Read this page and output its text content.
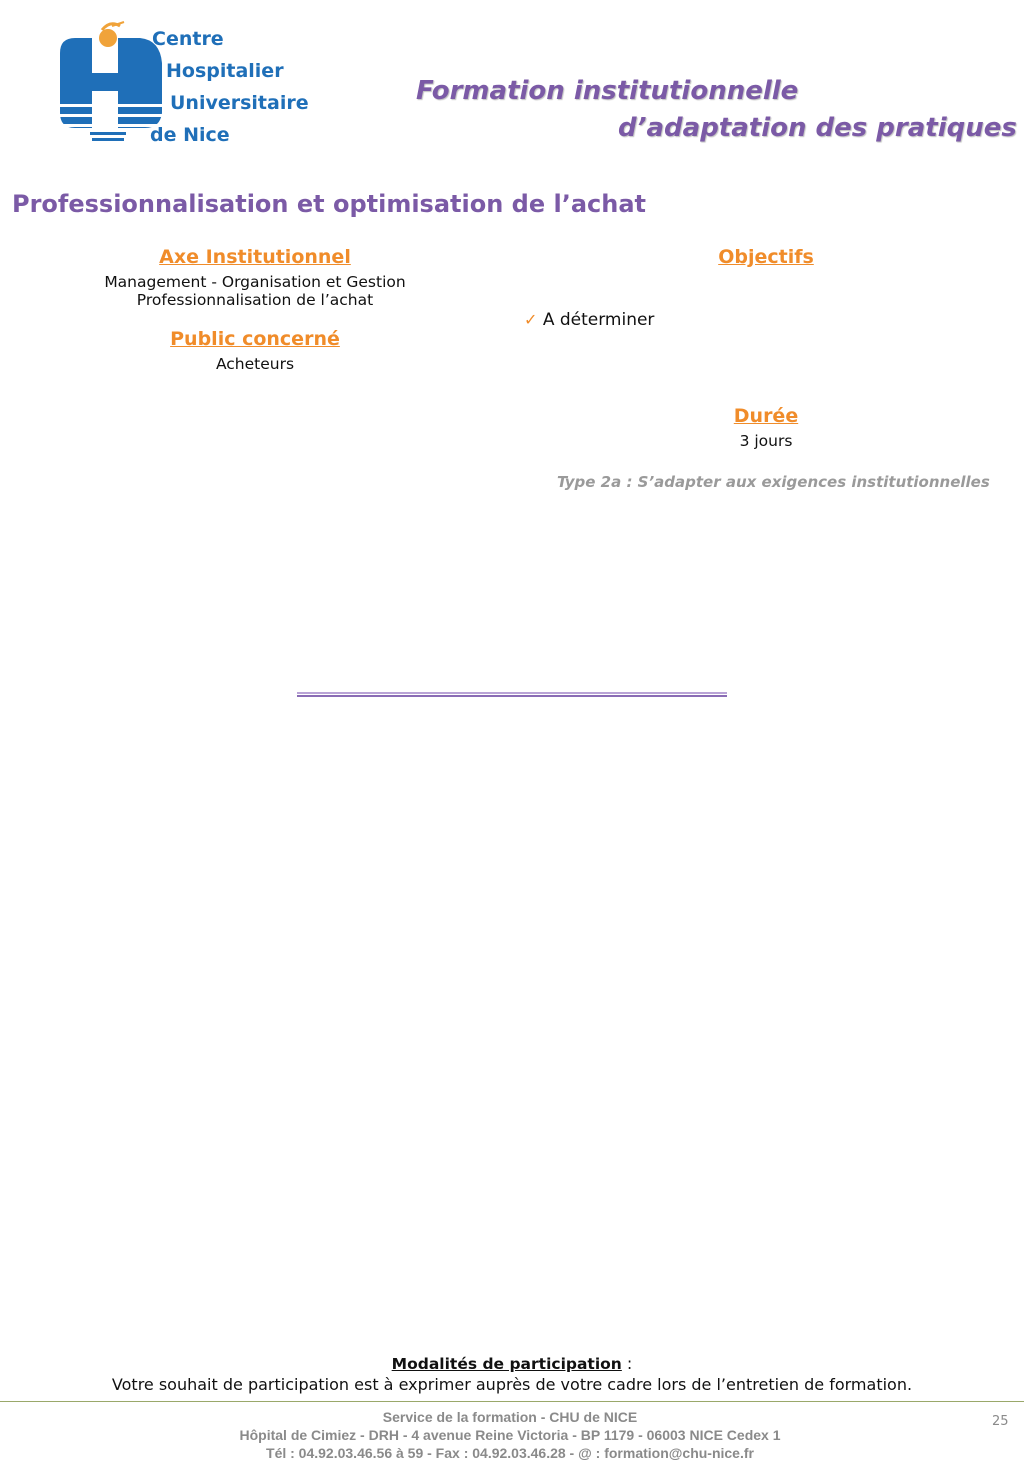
Centre
Hospitalier
Universitaire
de Nice
Formation institutionnelle
d’adaptation des pratiques
Professionnalisation et optimisation de l’achat
Axe Institutionnel
Management - Organisation et Gestion
Professionnalisation de l’achat
Public concerné
Acheteurs
Objectifs
✓ A déterminer
Durée
3 jours
Type 2a : S’adapter aux exigences institutionnelles
Modalités de participation :
Votre souhait de participation est à exprimer auprès de votre cadre lors de l’entretien de formation.
Service de la formation - CHU de NICE
Hôpital de Cimiez - DRH - 4 avenue Reine Victoria - BP 1179 - 06003 NICE Cedex 1
Tél : 04.92.03.46.56 à 59 - Fax : 04.92.03.46.28 - @ : formation@chu-nice.fr
25
